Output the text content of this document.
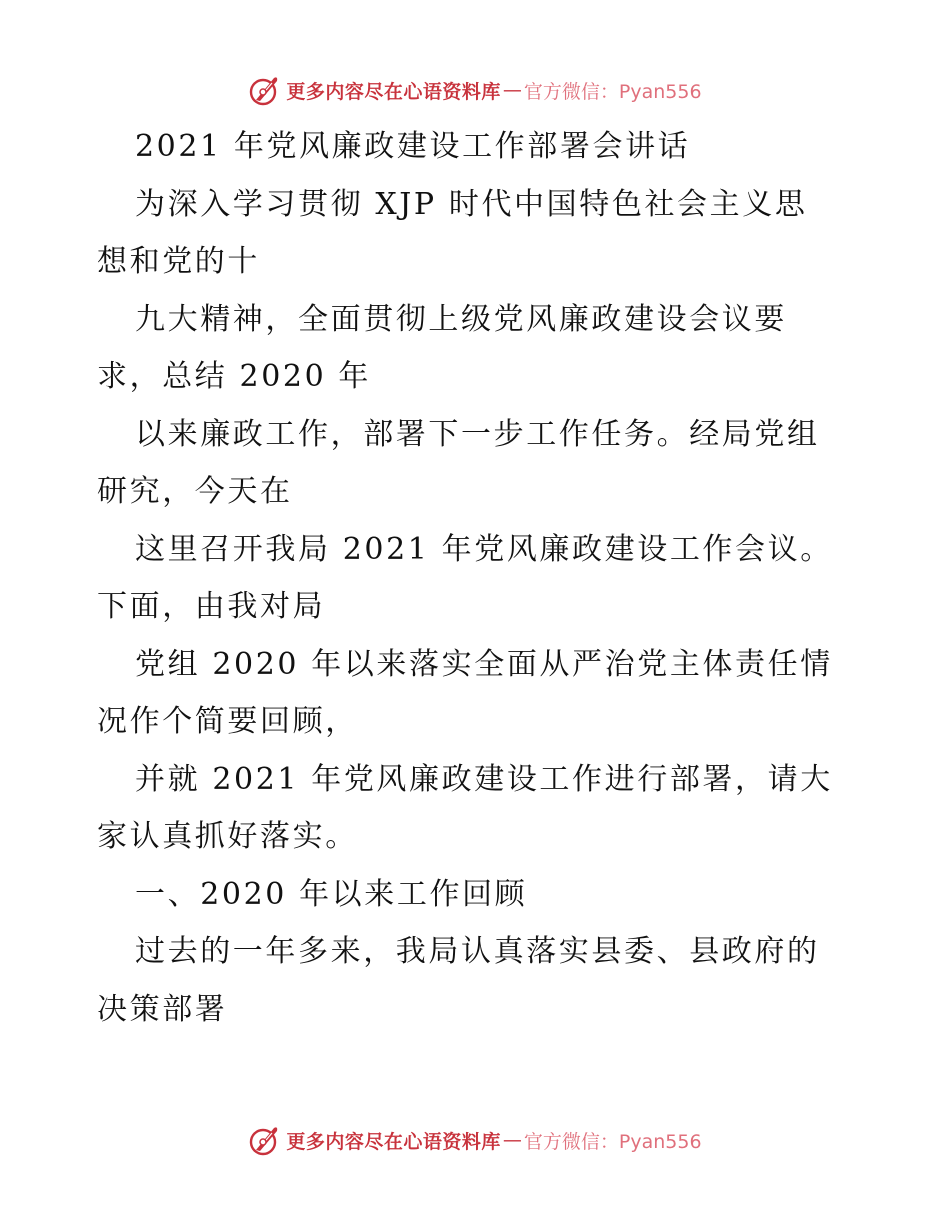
更多内容尽在心语资料库 — 官方微信：Pyan556
2021 年党风廉政建设工作部署会讲话
为深入学习贯彻 XJP 时代中国特色社会主义思
想和党的十
九大精神，全面贯彻上级党风廉政建设会议要
求，总结 2020 年
以来廉政工作，部署下一步工作任务。经局党组
研究，今天在
这里召开我局 2021 年党风廉政建设工作会议。
下面，由我对局
党组 2020 年以来落实全面从严治党主体责任情
况作个简要回顾，
并就 2021 年党风廉政建设工作进行部署，请大
家认真抓好落实。
一、2020 年以来工作回顾
过去的一年多来，我局认真落实县委、县政府的
决策部署
更多内容尽在心语资料库 — 官方微信：Pyan556
